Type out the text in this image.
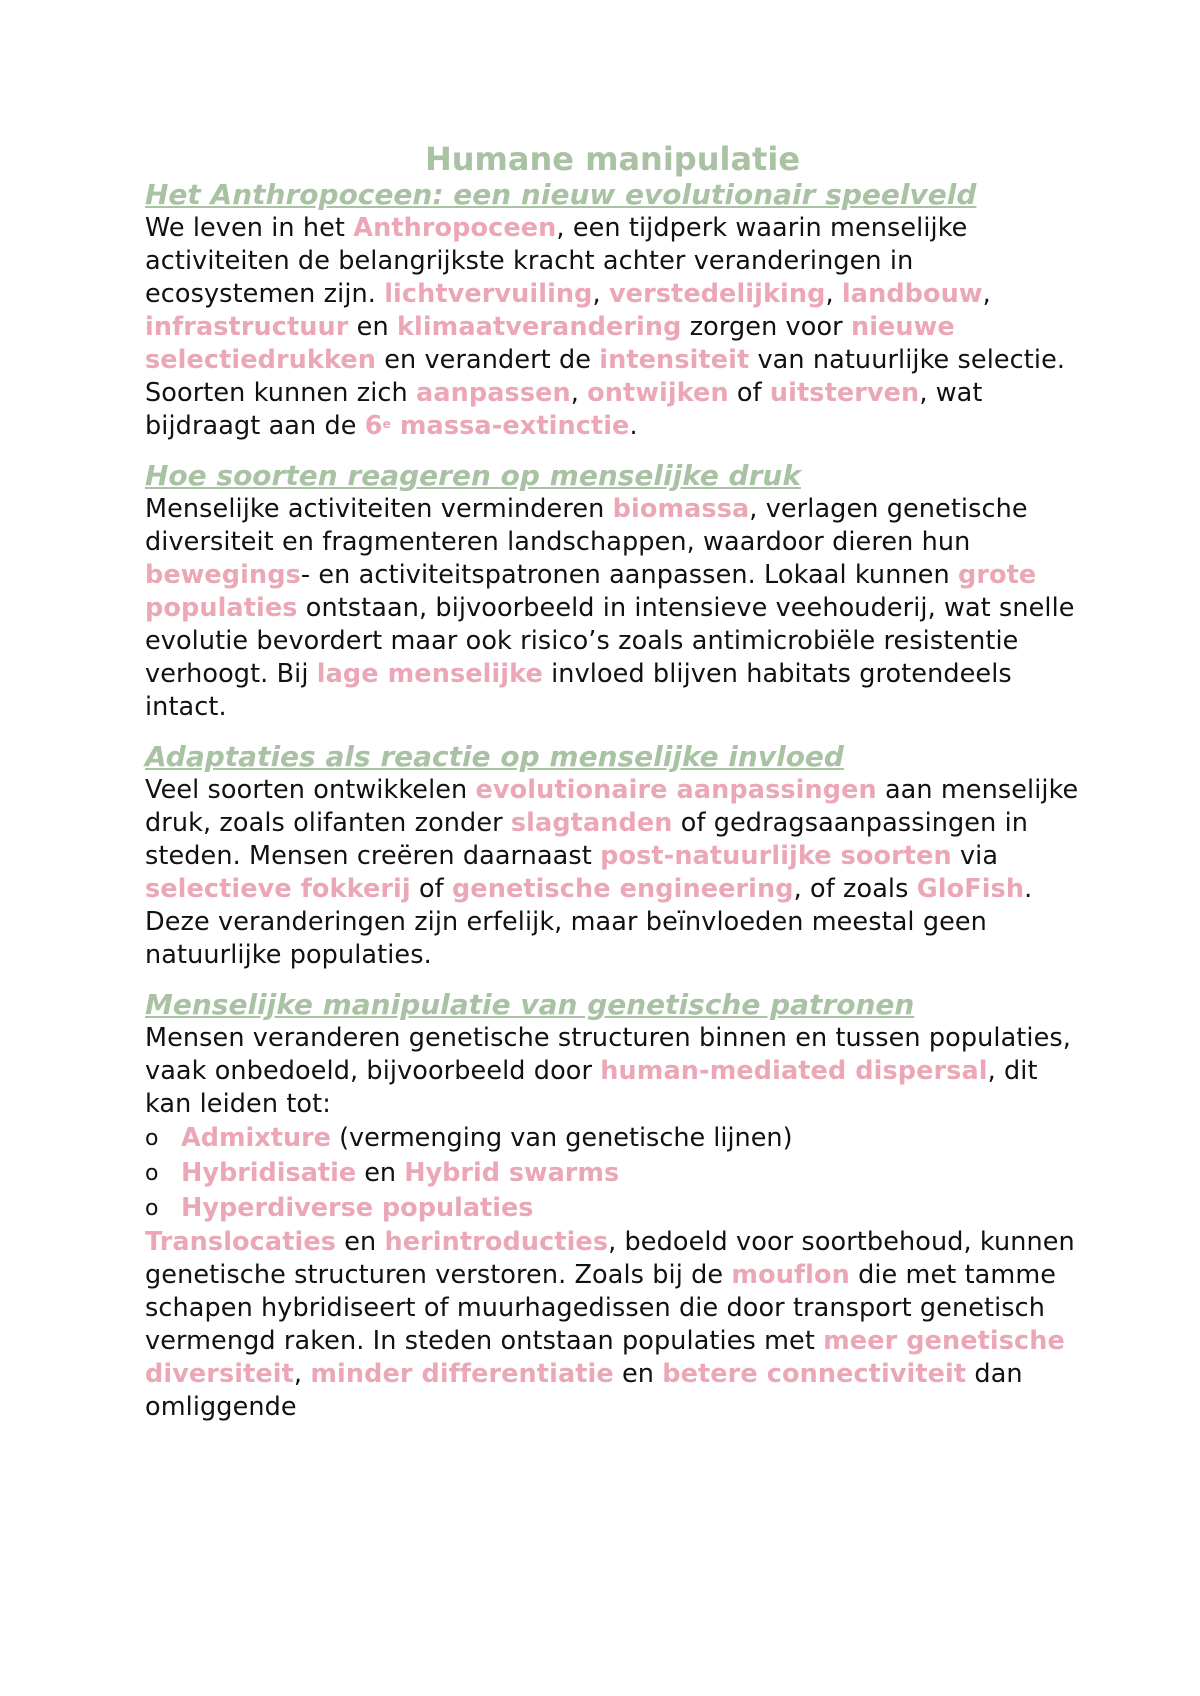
Humane manipulatie
Het Anthropoceen: een nieuw evolutionair speelveld

We leven in het Anthropoceen, een tijdperk waarin menselijke activiteiten de belangrijkste kracht achter veranderingen in ecosystemen zijn. lichtvervuiling, verstedelijking, landbouw, infrastructuur en klimaatverandering zorgen voor nieuwe selectiedrukken en verandert de intensiteit van natuurlijke selectie. Soorten kunnen zich aanpassen, ontwijken of uitsterven, wat bijdraagt aan de 6e massa-extinctie.

Hoe soorten reageren op menselijke druk

Menselijke activiteiten verminderen biomassa, verlagen genetische diversiteit en fragmenteren landschappen, waardoor dieren hun bewegings- en activiteitspatronen aanpassen. Lokaal kunnen grote populaties ontstaan, bijvoorbeeld in intensieve veehouderij, wat snelle evolutie bevordert maar ook risico’s zoals antimicrobiële resistentie verhoogt. Bij lage menselijke invloed blijven habitats grotendeels intact.

Adaptaties als reactie op menselijke invloed

Veel soorten ontwikkelen evolutionaire aanpassingen aan menselijke druk, zoals olifanten zonder slagtanden of gedragsaanpassingen in steden. Mensen creëren daarnaast post-natuurlijke soorten via selectieve fokkerij of genetische engineering, of zoals GloFish. Deze veranderingen zijn erfelijk, maar beïnvloeden meestal geen natuurlijke populaties.

Menselijke manipulatie van genetische patronen

Mensen veranderen genetische structuren binnen en tussen populaties, vaak onbedoeld, bijvoorbeeld door human-mediated dispersal, dit kan leiden tot:

o Admixture (vermenging van genetische lijnen)
o Hybridisatie en Hybrid swarms
o Hyperdiverse populaties

Translocaties en herintroducties, bedoeld voor soortbehoud, kunnen genetische structuren verstoren. Zoals bij de mouflon die met tamme schapen hybridiseert of muurhagedissen die door transport genetisch vermengd raken. In steden ontstaan populaties met meer genetische diversiteit, minder differentiatie en betere connectiviteit dan omliggende
